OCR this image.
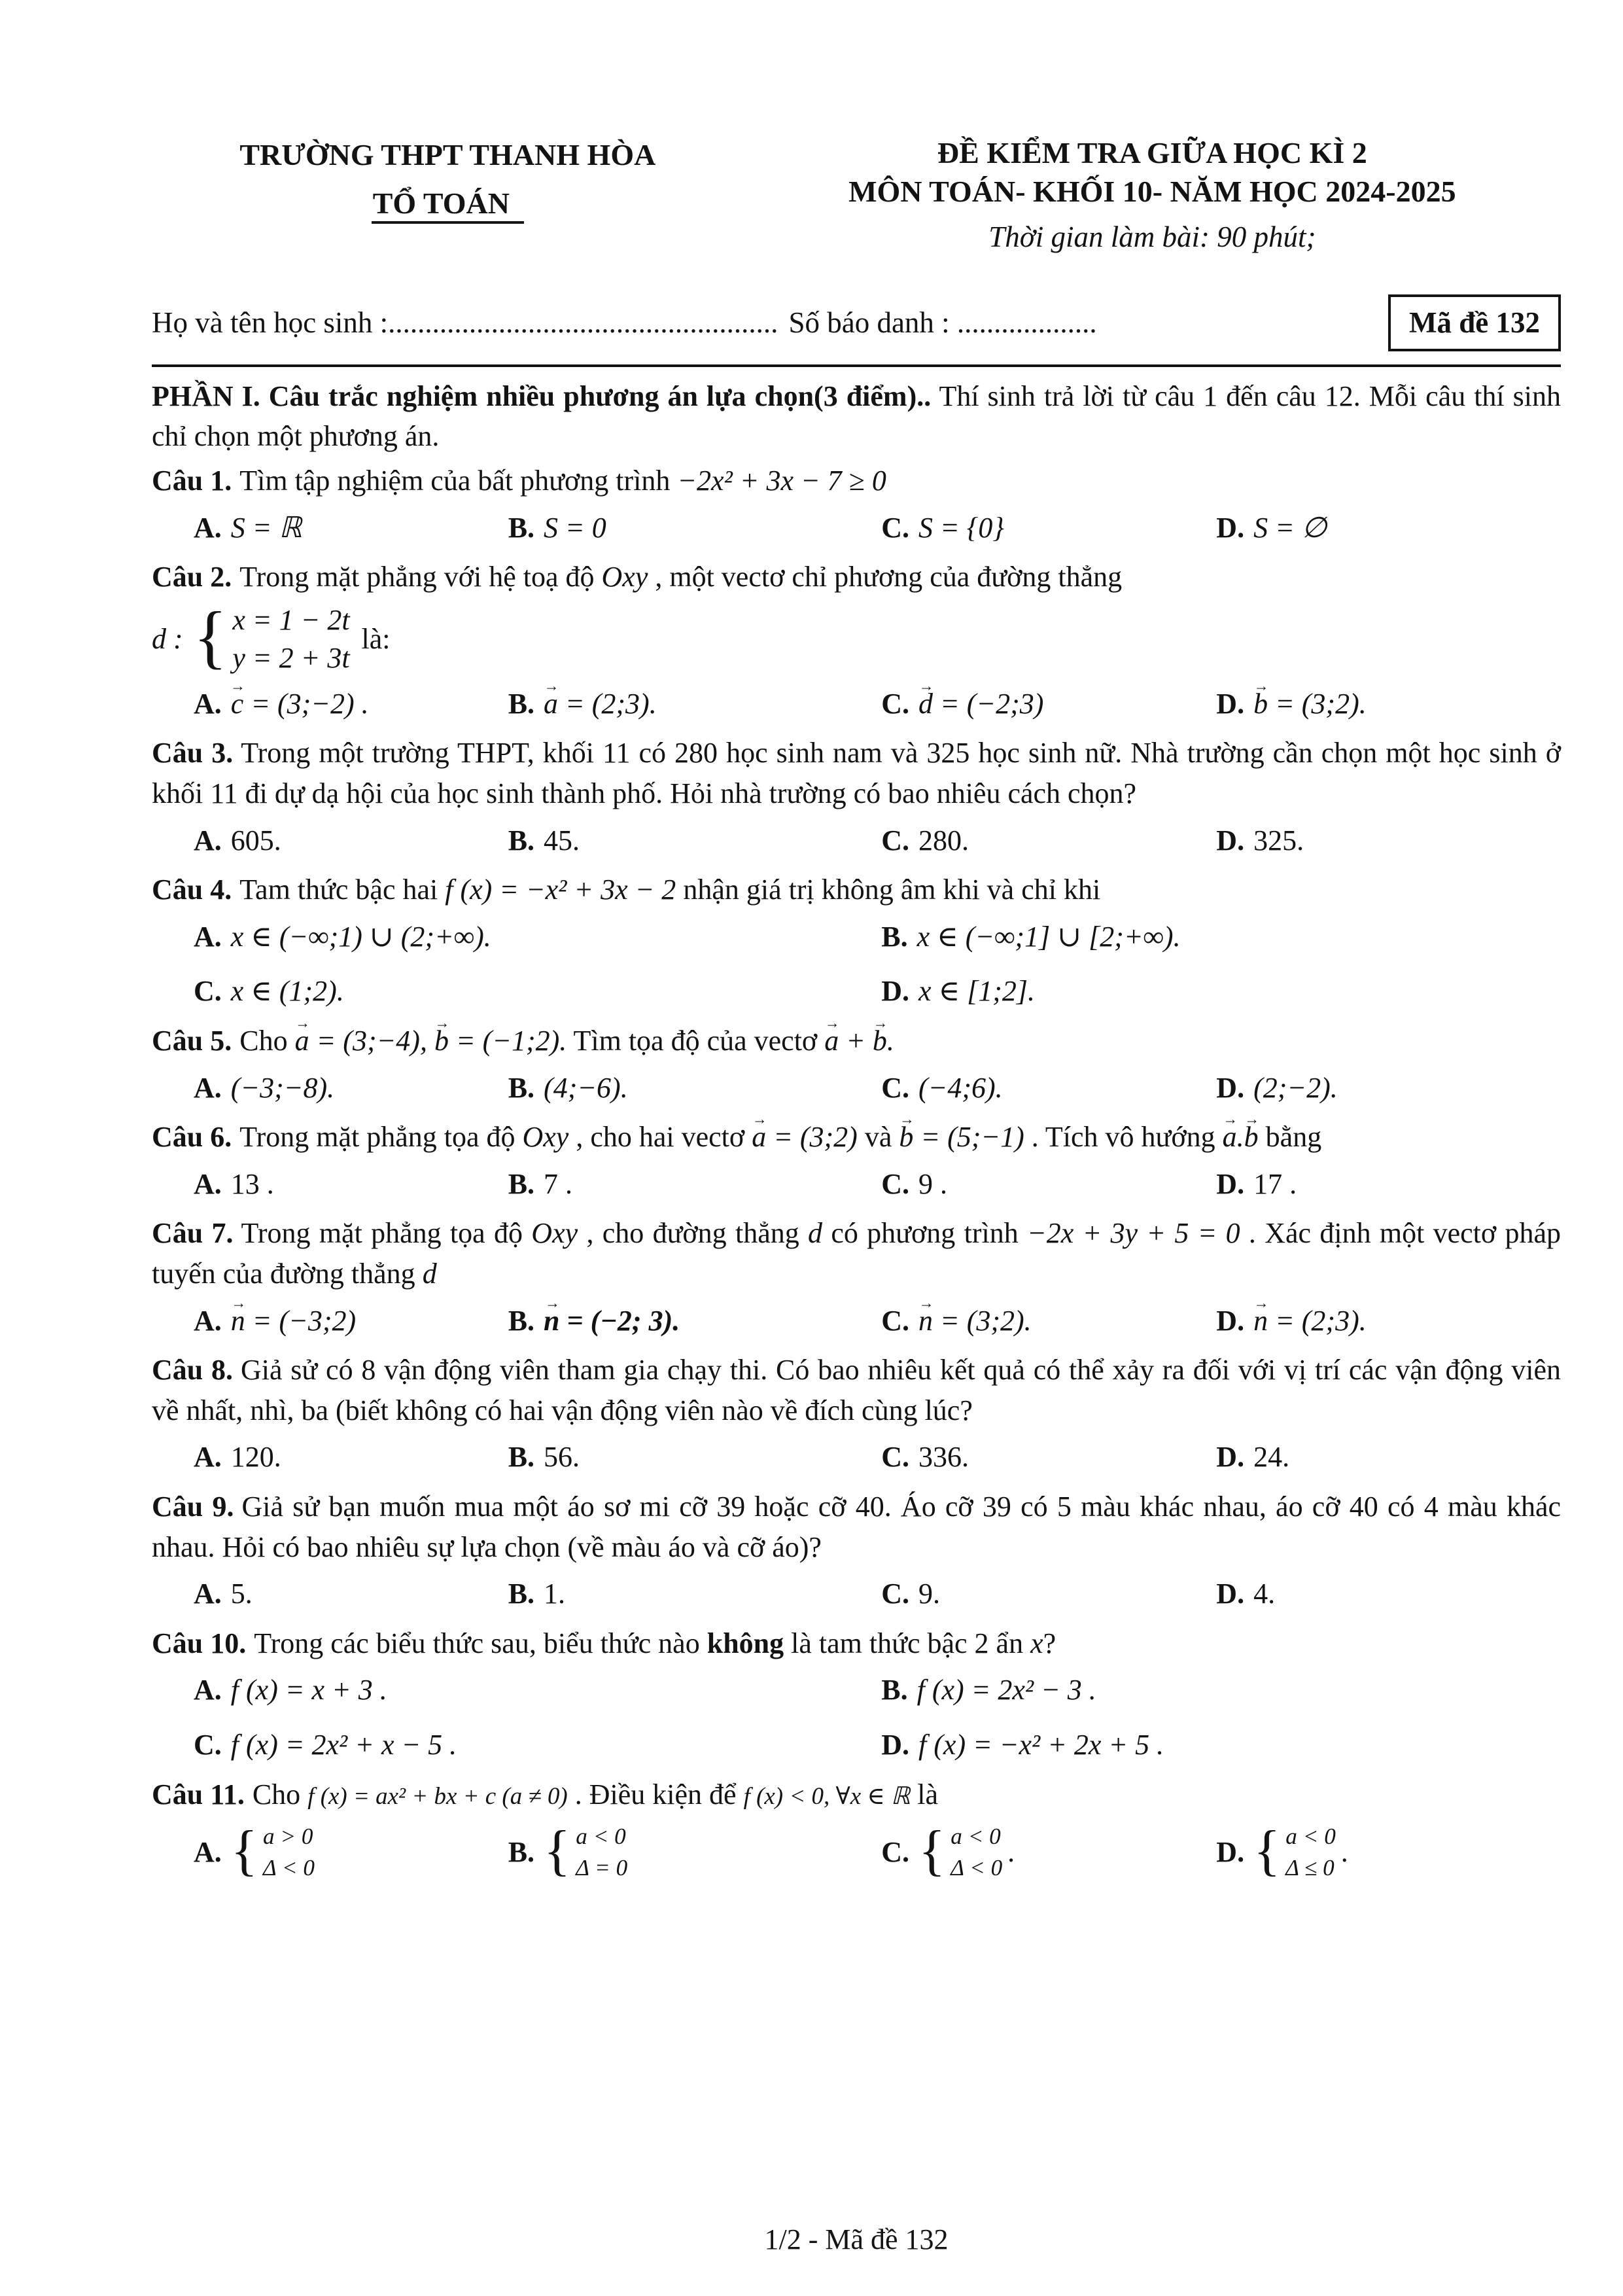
TRƯỜNG THPT THANH HÒA
TỔ TOÁN
ĐỀ KIỂM TRA GIỮA HỌC KÌ 2
MÔN TOÁN- KHỐI 10- NĂM HỌC 2024-2025
Thời gian làm bài: 90 phút;
Họ và tên học sinh :..................................................... Số báo danh : ...................	Mã đề 132

PHẦN I. Câu trắc nghiệm nhiều phương án lựa chọn(3 điểm).. Thí sinh trả lời từ câu 1 đến câu 12. Mỗi câu thí sinh chỉ chọn một phương án.

Câu 1. Tìm tập nghiệm của bất phương trình −2x² + 3x − 7 ≥ 0
A. S = ℝ	B. S = 0	C. S = {0}	D. S = ∅
Câu 2. Trong mặt phẳng với hệ toạ độ Oxy , một vectơ chỉ phương của đường thẳng
d : { x = 1 − 2t
y = 2 + 3t
là:
A. c → = (3;−2) .	B. a → = (2;3).	C. d → = (−2;3)	D. b → = (3;2).
Câu 3. Trong một trường THPT, khối 11 có 280 học sinh nam và 325 học sinh nữ. Nhà trường cần chọn một học sinh ở khối 11 đi dự dạ hội của học sinh thành phố. Hỏi nhà trường có bao nhiêu cách chọn?
A. 605.	B. 45.	C. 280.	D. 325.
Câu 4. Tam thức bậc hai f (x) = −x² + 3x − 2 nhận giá trị không âm khi và chỉ khi
A. x ∈ (−∞;1) ∪ (2;+∞).	B. x ∈ (−∞;1] ∪ [2;+∞).
C. x ∈ (1;2).	D. x ∈ [1;2].
Câu 5. Cho a → = (3;−4), b → = (−1;2). Tìm tọa độ của vectơ a → + b →.
A. (−3;−8).	B. (4;−6).	C. (−4;6).	D. (2;−2).
Câu 6. Trong mặt phẳng tọa độ Oxy , cho hai vectơ a → = (3;2) và b → = (5;−1) . Tích vô hướng a →.b → bằng
A. 13 .	B. 7 .	C. 9 .	D. 17 .
Câu 7. Trong mặt phẳng tọa độ Oxy , cho đường thẳng d có phương trình −2x + 3y + 5 = 0 . Xác định một vectơ pháp tuyến của đường thẳng d
A. n → = (−3;2)	B. n → = (−2; 3).	C. n → = (3;2).	D. n → = (2;3).
Câu 8. Giả sử có 8 vận động viên tham gia chạy thi. Có bao nhiêu kết quả có thể xảy ra đối với vị trí các vận động viên về nhất, nhì, ba (biết không có hai vận động viên nào về đích cùng lúc?
A. 120.	B. 56.	C. 336.	D. 24.
Câu 9. Giả sử bạn muốn mua một áo sơ mi cỡ 39 hoặc cỡ 40. Áo cỡ 39 có 5 màu khác nhau, áo cỡ 40 có 4 màu khác nhau. Hỏi có bao nhiêu sự lựa chọn (về màu áo và cỡ áo)?
A. 5.	B. 1.	C. 9.	D. 4.
Câu 10. Trong các biểu thức sau, biểu thức nào không là tam thức bậc 2 ẩn x?
A. f (x) = x + 3 .	B. f (x) = 2x² − 3 .
C. f (x) = 2x² + x − 5 .	D. f (x) = −x² + 2x + 5 .
Câu 11. Cho f (x) = ax² + bx + c (a ≠ 0) . Điều kiện để f (x) < 0, ∀x ∈ ℝ là
A. { a > 0
Δ < 0	B. { a < 0
Δ = 0	C. { a < 0
Δ < 0 .	D. { a < 0
Δ ≤ 0 .
1/2 - Mã đề 132
